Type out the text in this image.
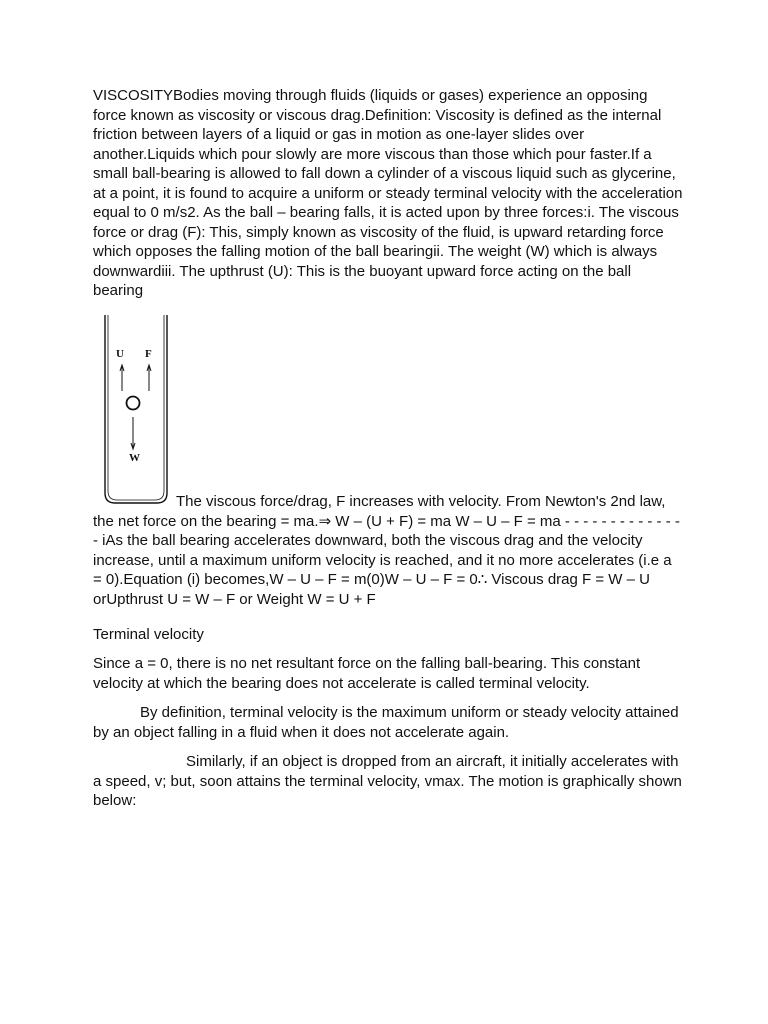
VISCOSITYBodies moving through fluids (liquids or gases) experience an opposing force known as viscosity or viscous drag.Definition: Viscosity is defined as the internal friction between layers of a liquid or gas in motion as one-layer slides over another.Liquids which pour slowly are more viscous than those which pour faster.If a small ball-bearing is allowed to fall down a cylinder of a viscous liquid such as glycerine, at a point, it is found to acquire a uniform or steady terminal velocity with the acceleration equal to 0 m/s2. As the ball – bearing falls, it is acted upon by three forces:i. The viscous force or drag (F): This, simply known as viscosity of the fluid, is upward retarding force which opposes the falling motion of the ball bearingii. The weight (W) which is always downwardiii. The upthrust (U): This is the buoyant upward force acting on the ball bearing

U F
W

The viscous force/drag, F increases with velocity. From Newton's 2nd law, the net force on the bearing = ma.⇒ W – (U + F) = ma W – U – F = ma - - - - - - - - - - - - - - iAs the ball bearing accelerates downward, both the viscous drag and the velocity increase, until a maximum uniform velocity is reached, and it no more accelerates (i.e a = 0).Equation (i) becomes,W – U – F = m(0)W – U – F = 0∴ Viscous drag F = W – U orUpthrust U = W – F or Weight W = U + F

Terminal velocity

Since a = 0, there is no net resultant force on the falling ball-bearing. This constant velocity at which the bearing does not accelerate is called terminal velocity.

By definition, terminal velocity is the maximum uniform or steady velocity attained by an object falling in a fluid when it does not accelerate again.

Similarly, if an object is dropped from an aircraft, it initially accelerates with a speed, v; but, soon attains the terminal velocity, vmax. The motion is graphically shown below:
